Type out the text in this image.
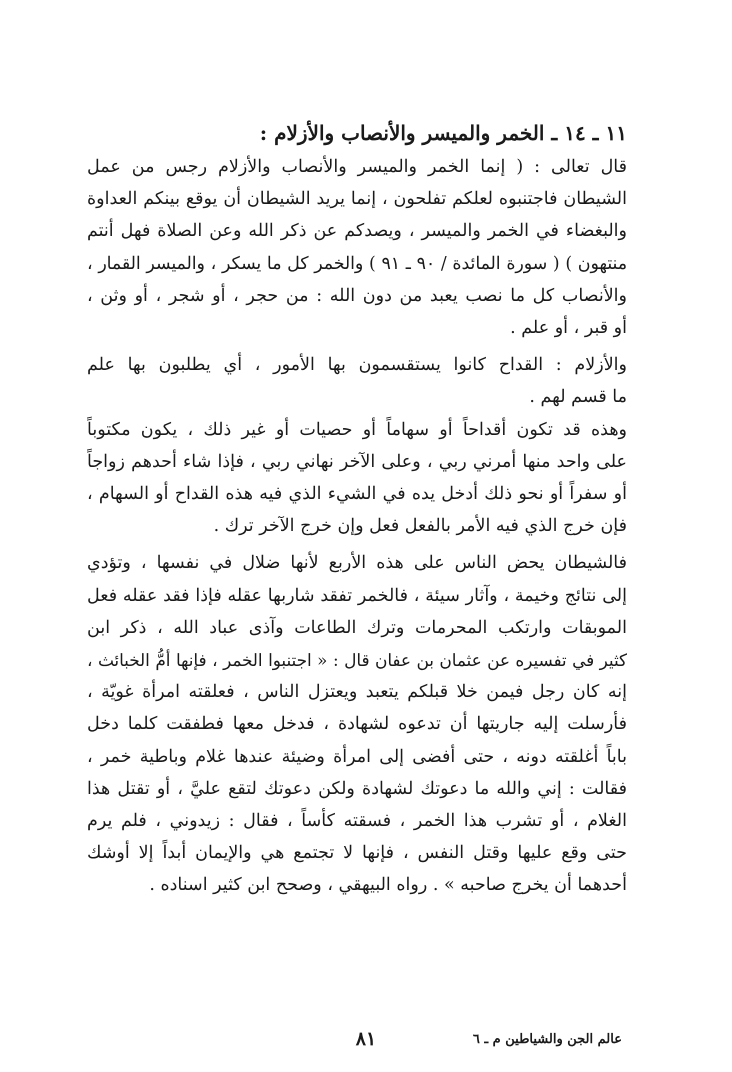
١١ ـ ١٤ ـ الخمر والميسر والأنصاب والأزلام :
قال تعالى : ( إنما الخمر والميسر والأنصاب والأزلام رجس من عمل
الشيطان فاجتنبوه لعلكم تفلحون ، إنما يريد الشيطان أن يوقع بينكم العداوة
والبغضاء في الخمر والميسر ، ويصدكم عن ذكر الله وعن الصلاة فهل أنتم
منتهون ) ( سورة المائدة / ٩٠ ـ ٩١ ) والخمر كل ما يسكر ، والميسر القمار ،
والأنصاب كل ما نصب يعبد من دون الله : من حجر ، أو شجر ، أو وثن ،
أو قبر ، أو علم .
والأزلام : القداح كانوا يستقسمون بها الأمور ، أي يطلبون بها علم
ما قسم لهم .
وهذه قد تكون أقداحاً أو سهاماً أو حصيات أو غير ذلك ، يكون مكتوباً
على واحد منها أمرني ربي ، وعلى الآخر نهاني ربي ، فإذا شاء أحدهم زواجاً
أو سفراً أو نحو ذلك أدخل يده في الشيء الذي فيه هذه القداح أو السهام ،
فإن خرج الذي فيه الأمر بالفعل فعل وإن خرج الآخر ترك .
فالشيطان يحض الناس على هذه الأربع لأنها ضلال في نفسها ، وتؤدي
إلى نتائج وخيمة ، وآثار سيئة ، فالخمر تفقد شاربها عقله فإذا فقد عقله فعل
الموبقات وارتكب المحرمات وترك الطاعات وآذى عباد الله ، ذكر ابن
كثير في تفسيره عن عثمان بن عفان قال : « اجتنبوا الخمر ، فإنها أمُّ الخبائث ،
إنه كان رجل فيمن خلا قبلكم يتعبد ويعتزل الناس ، فعلقته امرأة غويّة ،
فأرسلت إليه جاريتها أن تدعوه لشهادة ، فدخل معها فطفقت كلما دخل
باباً أغلقته دونه ، حتى أفضى إلى امرأة وضيئة عندها غلام وباطية خمر ،
فقالت : إني والله ما دعوتك لشهادة ولكن دعوتك لتقع عليَّ ، أو تقتل هذا
الغلام ، أو تشرب هذا الخمر ، فسقته كأساً ، فقال : زيدوني ، فلم يرم
حتى وقع عليها وقتل النفس ، فإنها لا تجتمع هي والإيمان أبداً إلا أوشك
أحدهما أن يخرج صاحبه » . رواه البيهقي ، وصحح ابن كثير اسناده .
٨١	عالم الجن والشياطين م ـ ٦
